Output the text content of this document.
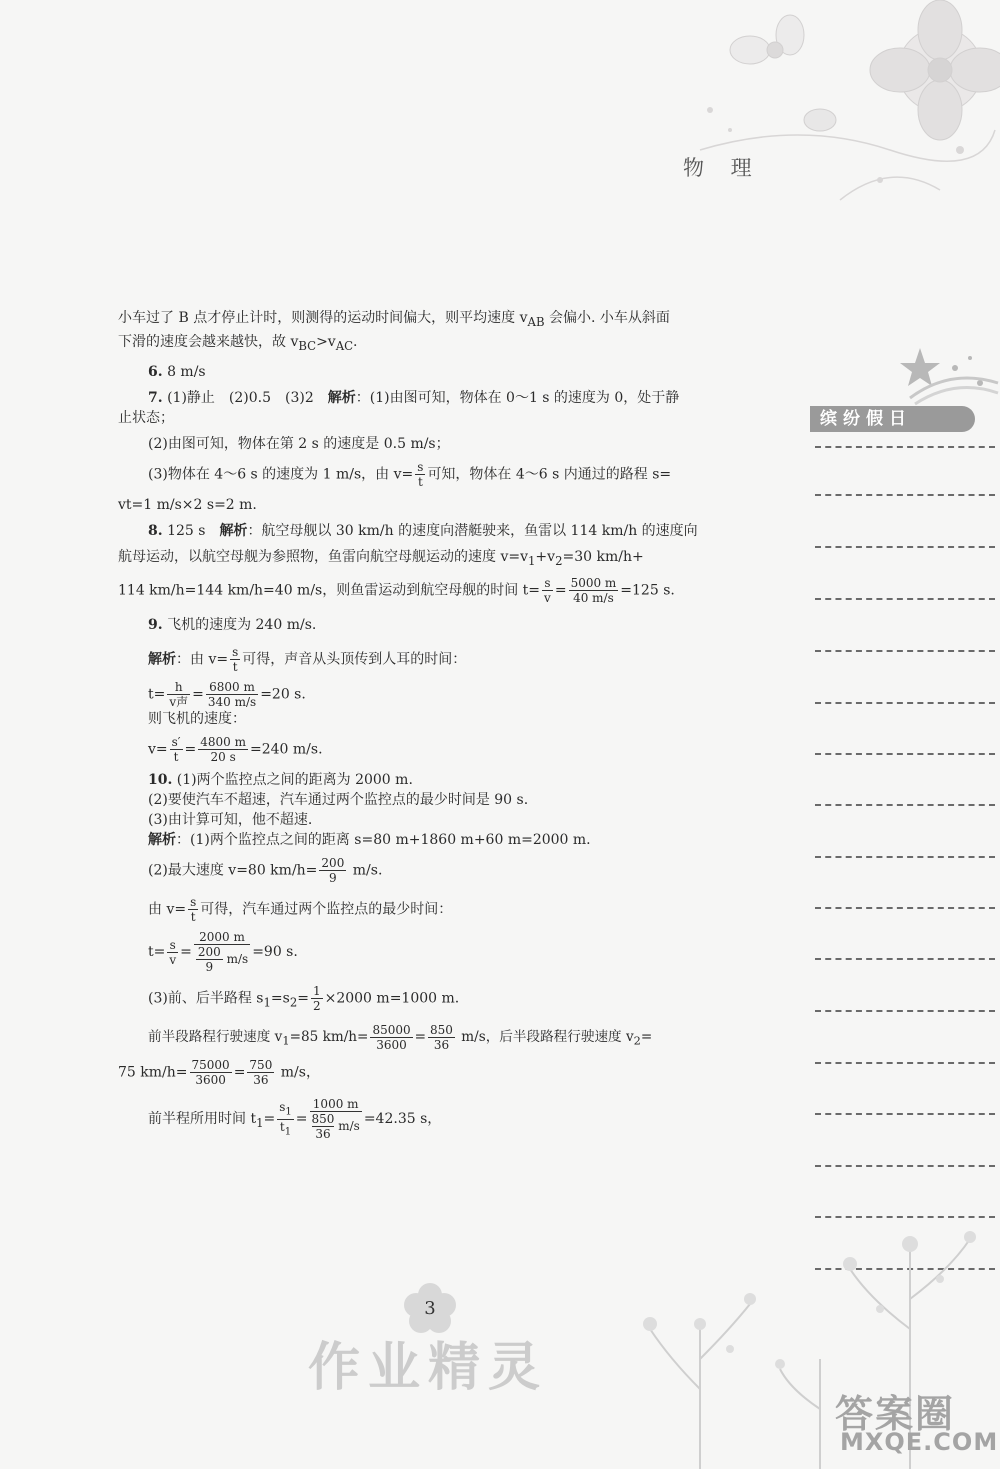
物 理
缤纷假日

小车过了 B 点才停止计时，则测得的运动时间偏大，则平均速度 $v_{AB}$ 会偏小. 小车从斜面

下滑的速度会越来越快，故 $v_{BC}>v_{AC}$.

6. 8 m/s

7. (1)静止　(2)0.5　(3)2　解析：(1)由图可知，物体在 0～1 s 的速度为 0，处于静

止状态；

(2)由图可知，物体在第 2 s 的速度是 0.5 m/s；

(3)物体在 4～6 s 的速度为 1 m/s，由 $v= \frac{s}{t}$ 可知，物体在 4～6 s 内通过的路程 s=

vt=1 m/s×2 s=2 m.

8. 125 s　解析：航空母舰以 30 km/h 的速度向潜艇驶来，鱼雷以 114 km/h 的速度向

航母运动，以航空母舰为参照物，鱼雷向航空母舰运动的速度 $v=v_1+v_2=30$ km/h+

114 km/h=144 km/h=40 m/s，则鱼雷运动到航空母舰的时间 $t= \frac{s}{v} = \frac{5000 m}{40 m/s} =125$ s.

9. 飞机的速度为 240 m/s.

解析：由 $v= \frac{s}{t}$ 可得，声音从头顶传到人耳的时间：

$t= \frac{h}{\text{v声}} = \frac{6800 m}{340 m/s} =20$ s.

则飞机的速度：

$v= \frac{s'}{t} = \frac{4800 m}{20 s} =240$ m/s.

10. (1)两个监控点之间的距离为 2000 m.

(2)要使汽车不超速，汽车通过两个监控点的最少时间是 90 s.

(3)由计算可知，他不超速.

解析：(1)两个监控点之间的距离 s=80 m+1860 m+60 m=2000 m.

(2)最大速度 v=80 $km/h= \frac{200}{9} m/s$.

由 $v= \frac{s}{t}$ 可得，汽车通过两个监控点的最少时间：

$t= \frac{s}{v} = \frac{2000 m}{\frac{200}{9} m/s} =90$ s.

(3)前、后半路程 $s_1=s_2= \frac{1}{2} \times 2000$ m=1000 m.

前半段路程行驶速度 $v_1=85$ $km/h= \frac{85000}{3600} = \frac{850}{36} m/s$，后半段路程行驶速度 $v_2=$

75 $km/h= \frac{75000}{3600} = \frac{750}{36} m/s$，

前半程所用时间 $t_1= \frac{s_1}{t_1} = \frac{1000 m}{\frac{850}{36} m/s} =42.35$ s，

3
作业精灵
答案圈
MXQE.COM
